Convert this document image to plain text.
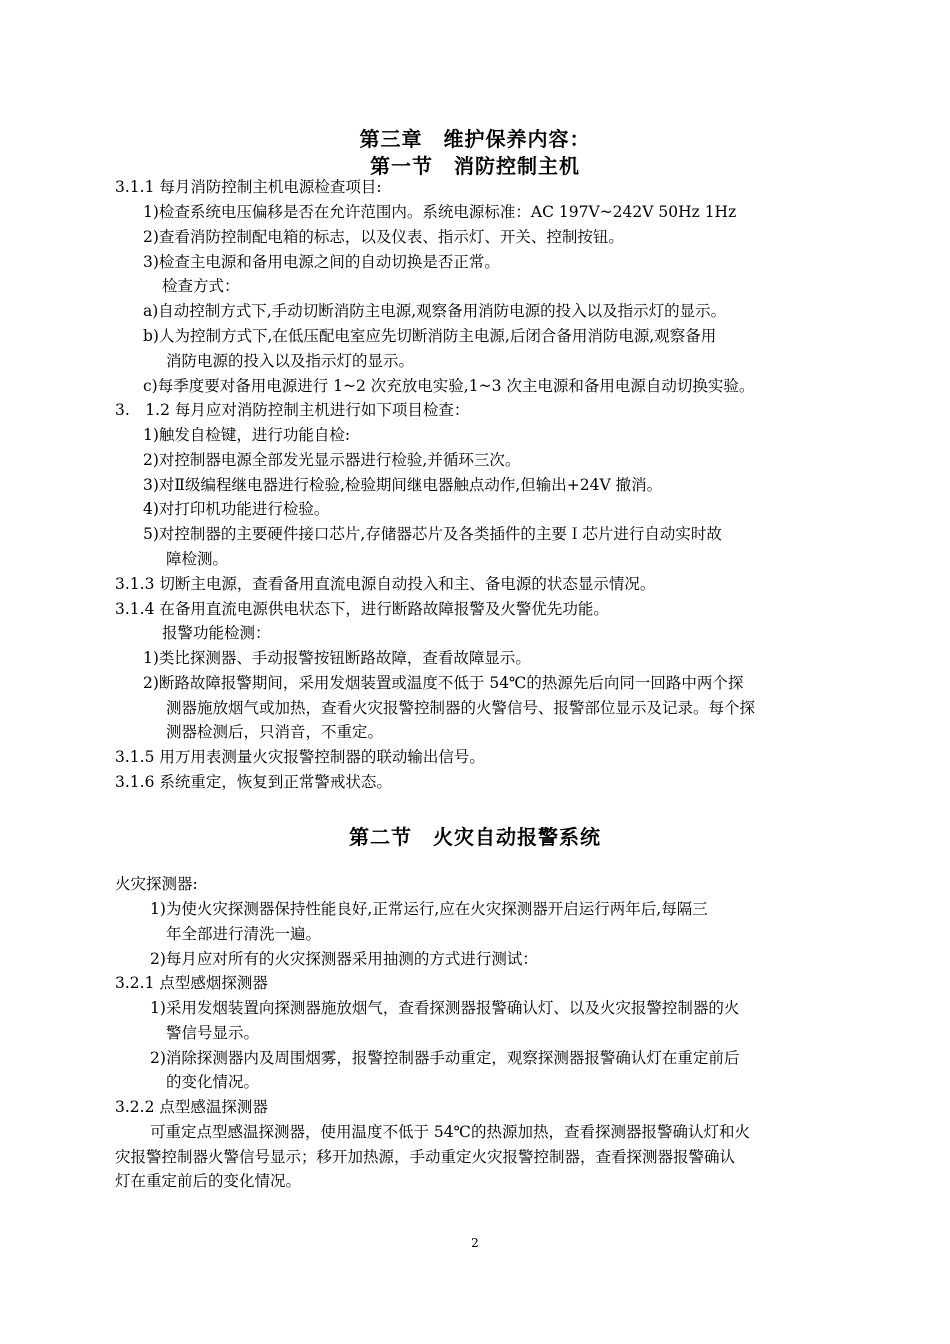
第三章　维护保养内容：
第一节　消防控制主机
3.1.1 每月消防控制主机电源检查项目:
1)检查系统电压偏移是否在允许范围内。系统电源标准：AC 197V~242V 50Hz 1Hz
2)查看消防控制配电箱的标志，以及仪表、指示灯、开关、控制按钮。
3)检查主电源和备用电源之间的自动切换是否正常。
检查方式：
a)自动控制方式下,手动切断消防主电源,观察备用消防电源的投入以及指示灯的显示。
b)人为控制方式下,在低压配电室应先切断消防主电源,后闭合备用消防电源,观察备用
消防电源的投入以及指示灯的显示。
c)每季度要对备用电源进行 1~2 次充放电实验,1~3 次主电源和备用电源自动切换实验。
3.　1.2 每月应对消防控制主机进行如下项目检查：
1)触发自检键，进行功能自检:
2)对控制器电源全部发光显示器进行检验,并循环三次。
3)对Ⅱ级编程继电器进行检验,检验期间继电器触点动作,但输出+24V 撤消。
4)对打印机功能进行检验。
5)对控制器的主要硬件接口芯片,存储器芯片及各类插件的主要Ｉ芯片进行自动实时故
障检测。
3.1.3 切断主电源，查看备用直流电源自动投入和主、备电源的状态显示情况。
3.1.4 在备用直流电源供电状态下，进行断路故障报警及火警优先功能。
报警功能检测：
1)类比探测器、手动报警按钮断路故障，查看故障显示。
2)断路故障报警期间，采用发烟装置或温度不低于 54℃的热源先后向同一回路中两个探
测器施放烟气或加热，查看火灾报警控制器的火警信号、报警部位显示及记录。每个探
测器检测后，只消音，不重定。
3.1.5 用万用表测量火灾报警控制器的联动输出信号。
3.1.6 系统重定，恢复到正常警戒状态。
第二节　火灾自动报警系统
火灾探测器:
1)为使火灾探测器保持性能良好,正常运行,应在火灾探测器开启运行两年后,每隔三
年全部进行清洗一遍。
2)每月应对所有的火灾探测器采用抽测的方式进行测试：
3.2.1 点型感烟探测器
1)采用发烟装置向探测器施放烟气，查看探测器报警确认灯、以及火灾报警控制器的火
警信号显示。
2)消除探测器内及周围烟雾，报警控制器手动重定，观察探测器报警确认灯在重定前后
的变化情况。
3.2.2 点型感温探测器
可重定点型感温探测器，使用温度不低于 54℃的热源加热，查看探测器报警确认灯和火
灾报警控制器火警信号显示；移开加热源，手动重定火灾报警控制器，查看探测器报警确认
灯在重定前后的变化情况。
2
